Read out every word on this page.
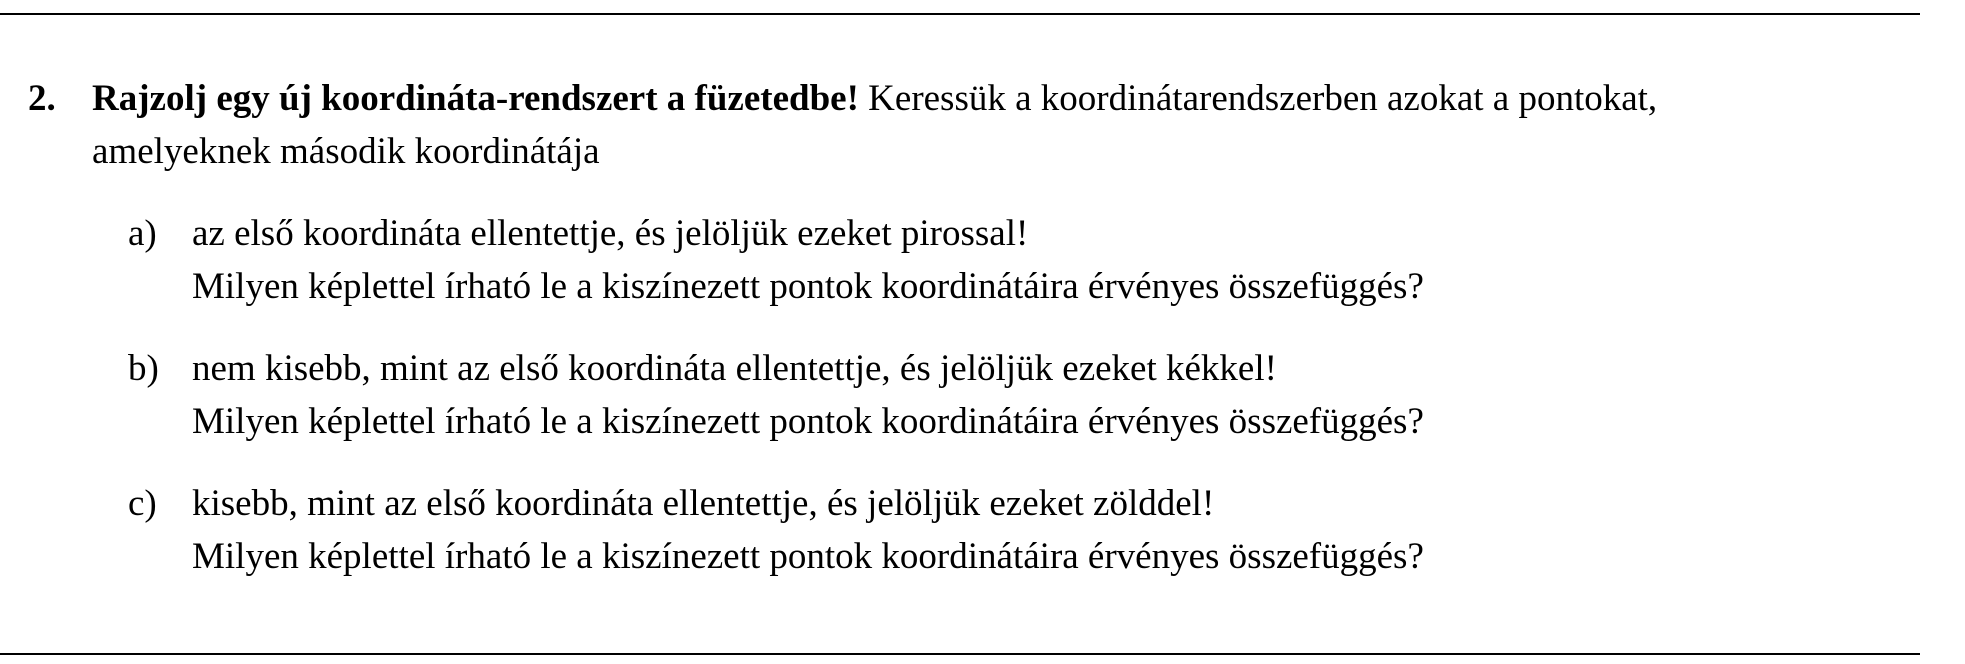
2. Rajzolj egy új koordináta-rendszert a füzetedbe! Keressük a koordinátarendszerben azokat a pontokat,
amelyeknek második koordinátája
a) az első koordináta ellentettje, és jelöljük ezeket pirossal!
Milyen képlettel írható le a kiszínezett pontok koordinátáira érvényes összefüggés?
b) nem kisebb, mint az első koordináta ellentettje, és jelöljük ezeket kékkel!
Milyen képlettel írható le a kiszínezett pontok koordinátáira érvényes összefüggés?
c) kisebb, mint az első koordináta ellentettje, és jelöljük ezeket zölddel!
Milyen képlettel írható le a kiszínezett pontok koordinátáira érvényes összefüggés?
